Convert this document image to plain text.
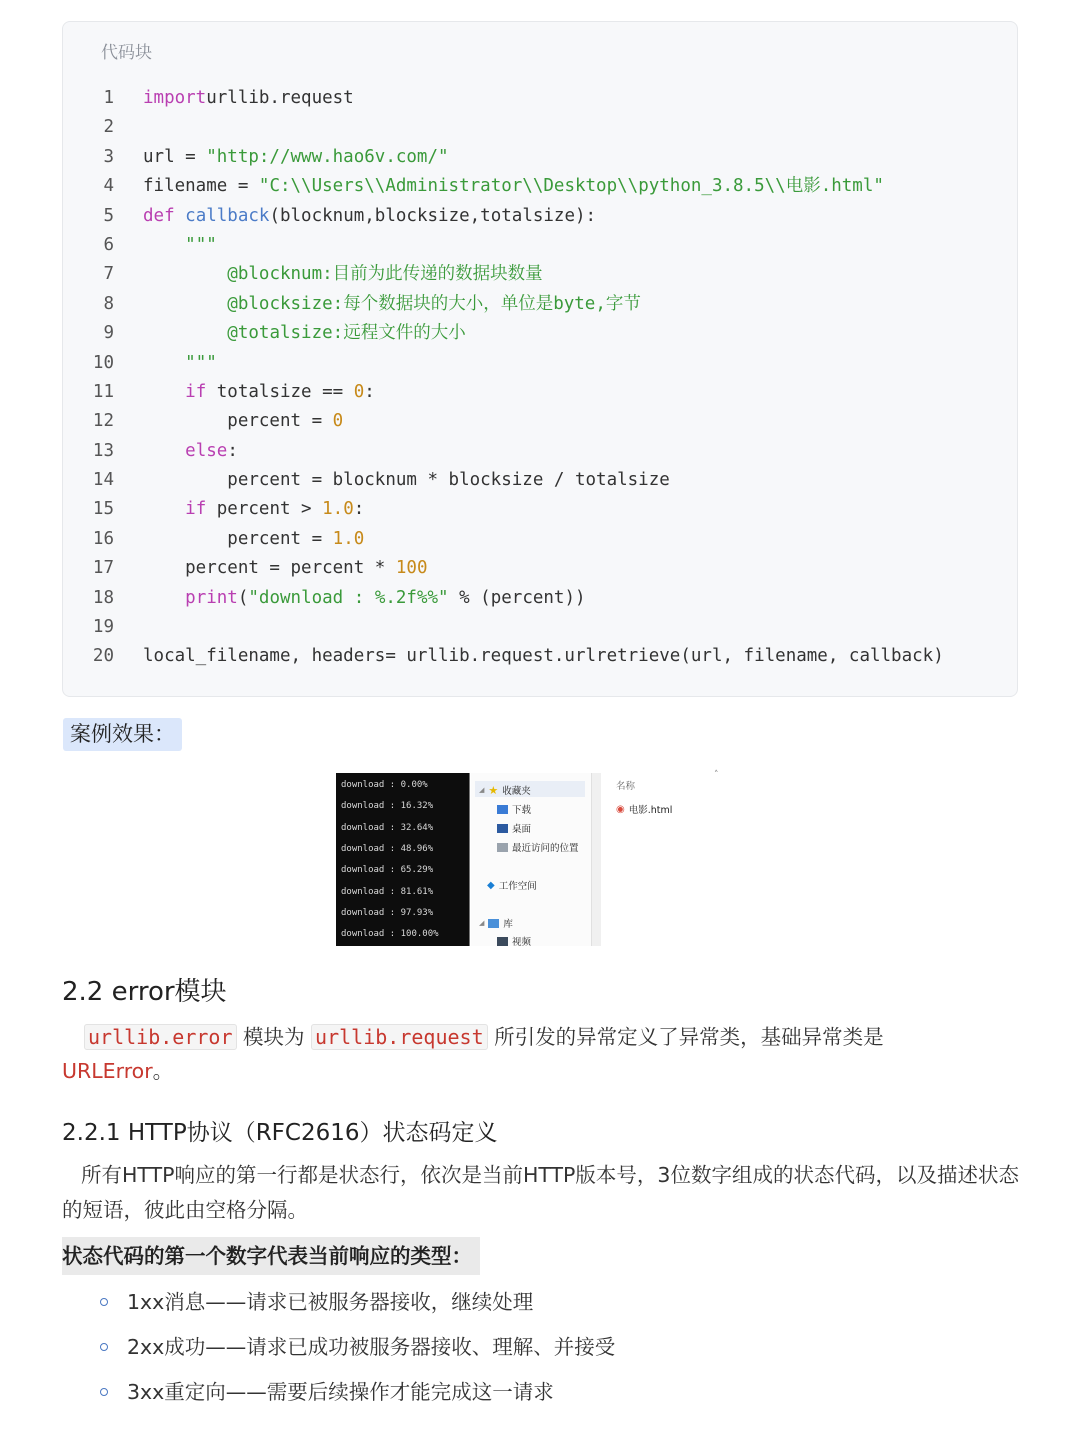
代码块
1 importurllib.request
2
3 url = "http://www.hao6v.com/"
4 filename = "C:\\Users\\Administrator\\Desktop\\python_3.8.5\\电影.html"
5 def callback(blocknum,blocksize,totalsize):
6	"""
7	@blocknum:目前为此传递的数据块数量
8	@blocksize:每个数据块的大小，单位是byte,字节
9	@totalsize:远程文件的大小
10	"""
11	if totalsize == 0:
12 percent = 0
13	else:
14 percent = blocknum * blocksize / totalsize
15	if percent > 1.0:
16 percent = 1.0
17 percent = percent * 100
18	print("download : %.2f%%" % (percent))
19
20 local_filename, headers= urllib.request.urlretrieve(url, filename, callback)
案例效果：
download : 0.00%
download : 16.32%
download : 32.64%
download : 48.96%
download : 65.29%
download : 81.61%
download : 97.93%
download : 100.00%
◢ ★ 收藏夹
下载
桌面
最近访问的位置
◆ 工作空间
◢ 库
视频
˄
名称
◉ 电影.html
2.2 error模块
urllib.error 模块为 urllib.request 所引发的异常定义了异常类，基础异常类是
URLError。
2.2.1 HTTP协议（RFC2616）状态码定义
所有HTTP响应的第一行都是状态行，依次是当前HTTP版本号，3位数字组成的状态代码，以及描述状态的短语，彼此由空格分隔。
状态代码的第一个数字代表当前响应的类型：
1xx消息——请求已被服务器接收，继续处理
2xx成功——请求已成功被服务器接收、理解、并接受
3xx重定向——需要后续操作才能完成这一请求
